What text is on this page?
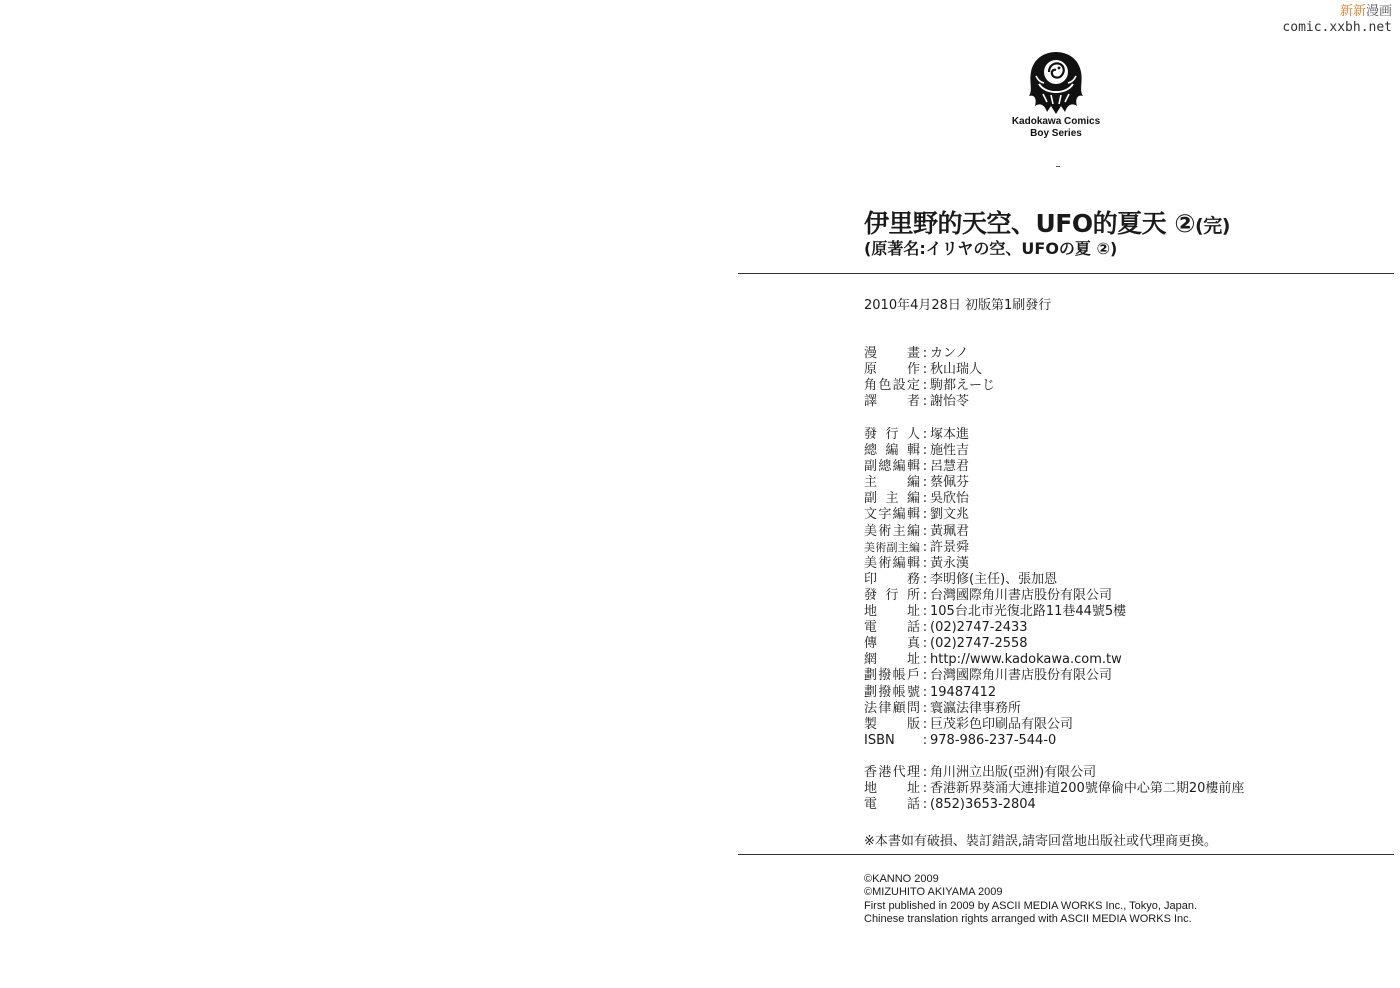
新新漫画
comic.xxbh.net
Kadokawa Comics
Boy Series
伊里野的天空、UFO的夏天 ②(完)
(原著名:イリヤの空、UFOの夏 ②)
2010年4月28日 初版第1刷發行
漫畫 : カンノ
原作 : 秋山瑞人
角色設定 : 駒都えーじ
譯者 : 謝怡苓
發行人 : 塚本進
總編輯 : 施性吉
副總編輯 : 呂慧君
主編 : 蔡佩芬
副主編 : 吳欣怡
文字編輯 : 劉文兆
美術主編 : 黃珮君
美術副主編 : 許景舜
美術編輯 : 黃永漢
印務 : 李明修(主任)、張加恩
發行所 : 台灣國際角川書店股份有限公司
地址 : 105台北市光復北路11巷44號5樓
電話 : (02)2747-2433
傳真 : (02)2747-2558
網址 : http://www.kadokawa.com.tw
劃撥帳戶 : 台灣國際角川書店股份有限公司
劃撥帳號 : 19487412
法律顧問 : 寰瀛法律事務所
製版 : 巨茂彩色印刷品有限公司
ISBN	: 978-986-237-544-0
香港代理 : 角川洲立出版(亞洲)有限公司
地址 : 香港新界葵涌大連排道200號偉倫中心第二期20樓前座
電話 : (852)3653-2804
※本書如有破損、裝訂錯誤,請寄回當地出版社或代理商更換。
©KANNO 2009
©MIZUHITO AKIYAMA 2009
First published in 2009 by ASCII MEDIA WORKS Inc., Tokyo, Japan.
Chinese translation rights arranged with ASCII MEDIA WORKS Inc.
